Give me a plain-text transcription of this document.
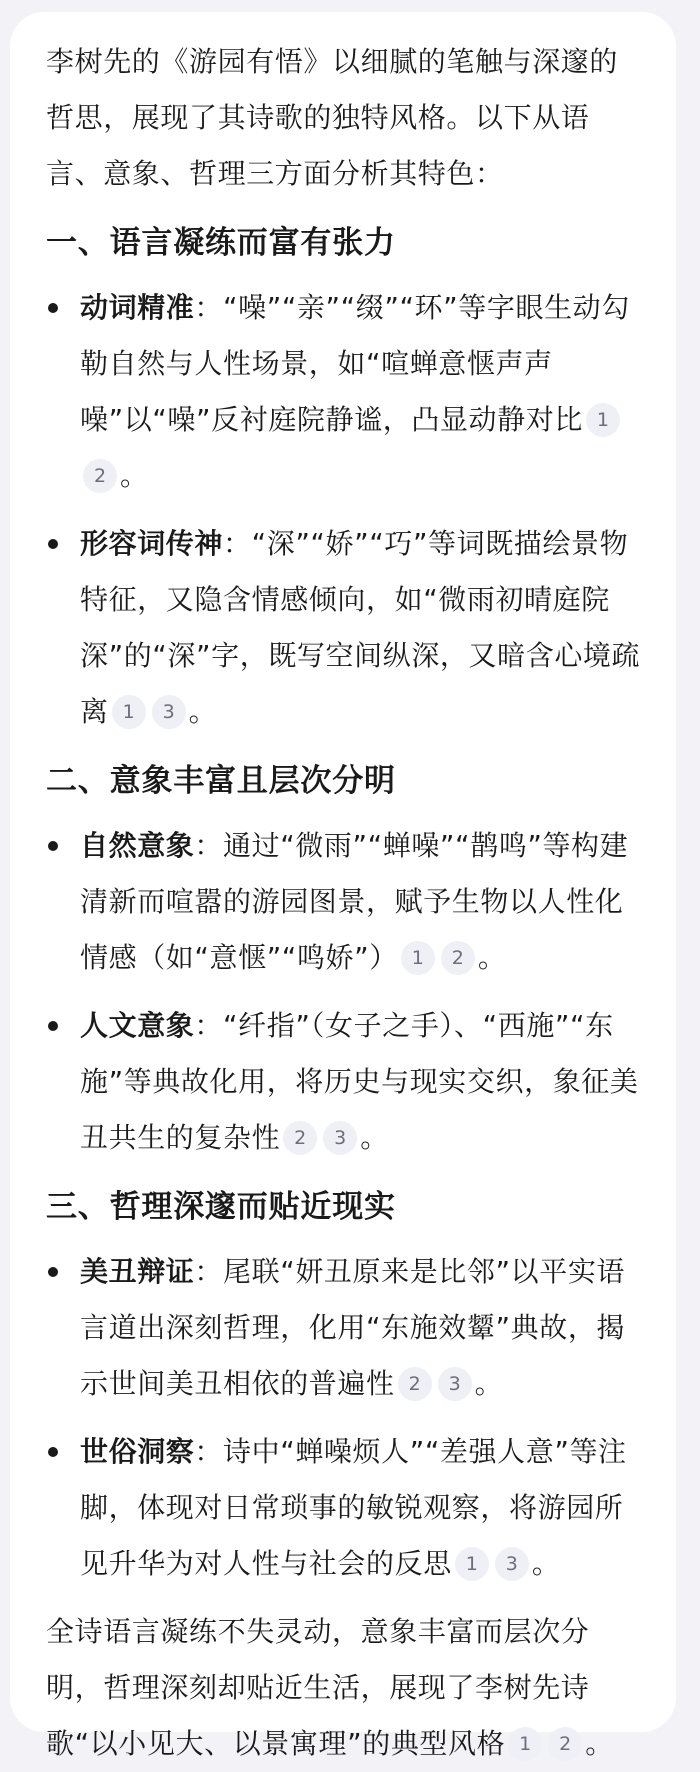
李树先的《游园有悟》以细腻的笔触与深邃的哲思，展现了其诗歌的独特风格。以下从语言、意象、哲理三方面分析其特色：

一、语言凝练而富有张力
动词精准：“噪”“亲”“缀”“环”等字眼生动勾勒自然与人性场景，如“喧蝉意惬声声噪”以“噪”反衬庭院静谧，凸显动静对比 12 。
形容词传神：“深”“娇”“巧”等词既描绘景物特征，又隐含情感倾向，如“微雨初晴庭院深”的“深”字，既写空间纵深，又暗含心境疏离 1 3 。
二、意象丰富且层次分明
自然意象：通过“微雨”“蝉噪”“鹊鸣”等构建清新而喧嚣的游园图景，赋予生物以人性化情感（如“意惬”“鸣娇”） 1 2 。
人文意象：“纤指”（女子之手）、“西施”“东施”等典故化用，将历史与现实交织，象征美丑共生的复杂性 2 3 。
三、哲理深邃而贴近现实
美丑辩证：尾联“妍丑原来是比邻”以平实语言道出深刻哲理，化用“东施效颦”典故，揭示世间美丑相依的普遍性 2 3 。
世俗洞察：诗中“蝉噪烦人”“差强人意”等注脚，体现对日常琐事的敏锐观察，将游园所见升华为对人性与社会的反思 1 3 。

全诗语言凝练不失灵动，意象丰富而层次分明，哲理深刻却贴近生活，展现了李树先诗歌“以小见大、以景寓理”的典型风格 1 2 。
